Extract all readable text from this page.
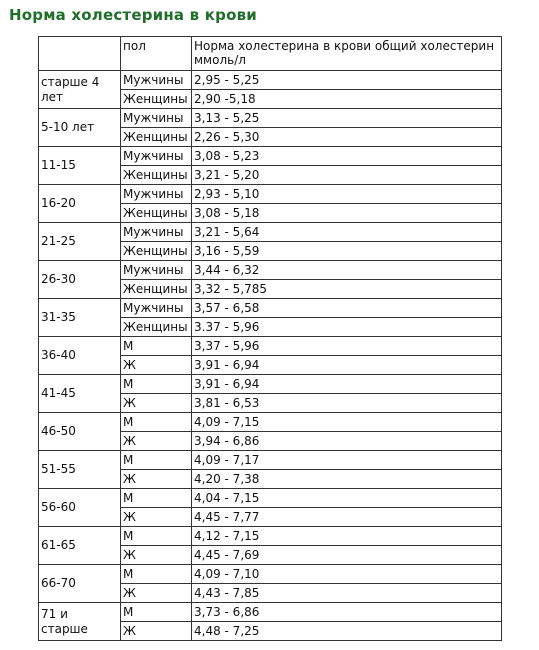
Норма холестерина в крови
	пол	Норма холестерина в крови общий холестерин ммоль/л
старше 4 лет	Мужчины	2,95 - 5,25
	Женщины	2,90 -5,18
5-10 лет	Мужчины	3,13 - 5,25
	Женщины	2,26 - 5,30
11-15	Мужчины	3,08 - 5,23
	Женщины	3,21 - 5,20
16-20	Мужчины	2,93 - 5,10
	Женщины	3,08 - 5,18
21-25	Мужчины	3,21 - 5,64
	Женщины	3,16 - 5,59
26-30	Мужчины	3,44 - 6,32
	Женщины	3,32 - 5,785
31-35	Мужчины	3,57 - 6,58
	Женщины	3.37 - 5,96
36-40	М	3,37 - 5,96
	Ж	3,91 - 6,94
41-45	М	3,91 - 6,94
	Ж	3,81 - 6,53
46-50	М	4,09 - 7,15
	Ж	3,94 - 6,86
51-55	М	4,09 - 7,17
	Ж	4,20 - 7,38
56-60	М	4,04 - 7,15
	Ж	4,45 - 7,77
61-65	М	4,12 - 7,15
	Ж	4,45 - 7,69
66-70	М	4,09 - 7,10
	Ж	4,43 - 7,85
71 и старше	М	3,73 - 6,86
	Ж	4,48 - 7,25
